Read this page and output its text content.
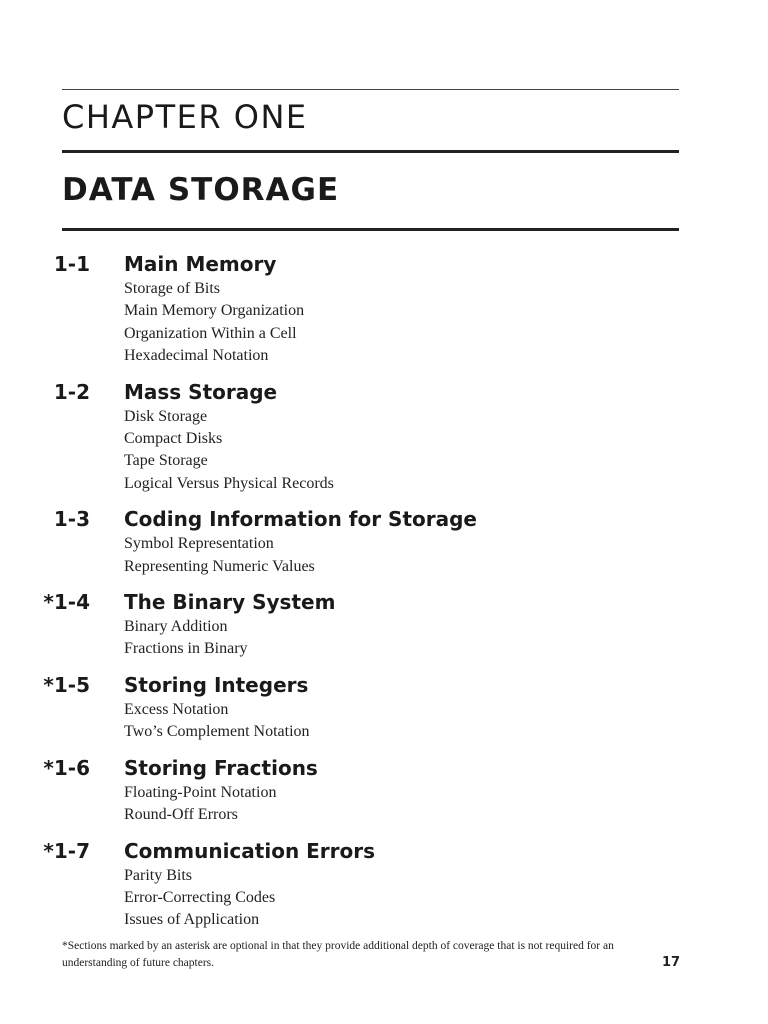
CHAPTER ONE
DATA STORAGE
1-1 Main Memory
Storage of Bits
Main Memory Organization
Organization Within a Cell
Hexadecimal Notation
1-2 Mass Storage
Disk Storage
Compact Disks
Tape Storage
Logical Versus Physical Records
1-3 Coding Information for Storage
Symbol Representation
Representing Numeric Values
*1-4 The Binary System
Binary Addition
Fractions in Binary
*1-5 Storing Integers
Excess Notation
Two’s Complement Notation
*1-6 Storing Fractions
Floating-Point Notation
Round-Off Errors
*1-7 Communication Errors
Parity Bits
Error-Correcting Codes
Issues of Application

*Sections marked by an asterisk are optional in that they provide additional depth of coverage that is not required for an understanding of future chapters.	17
